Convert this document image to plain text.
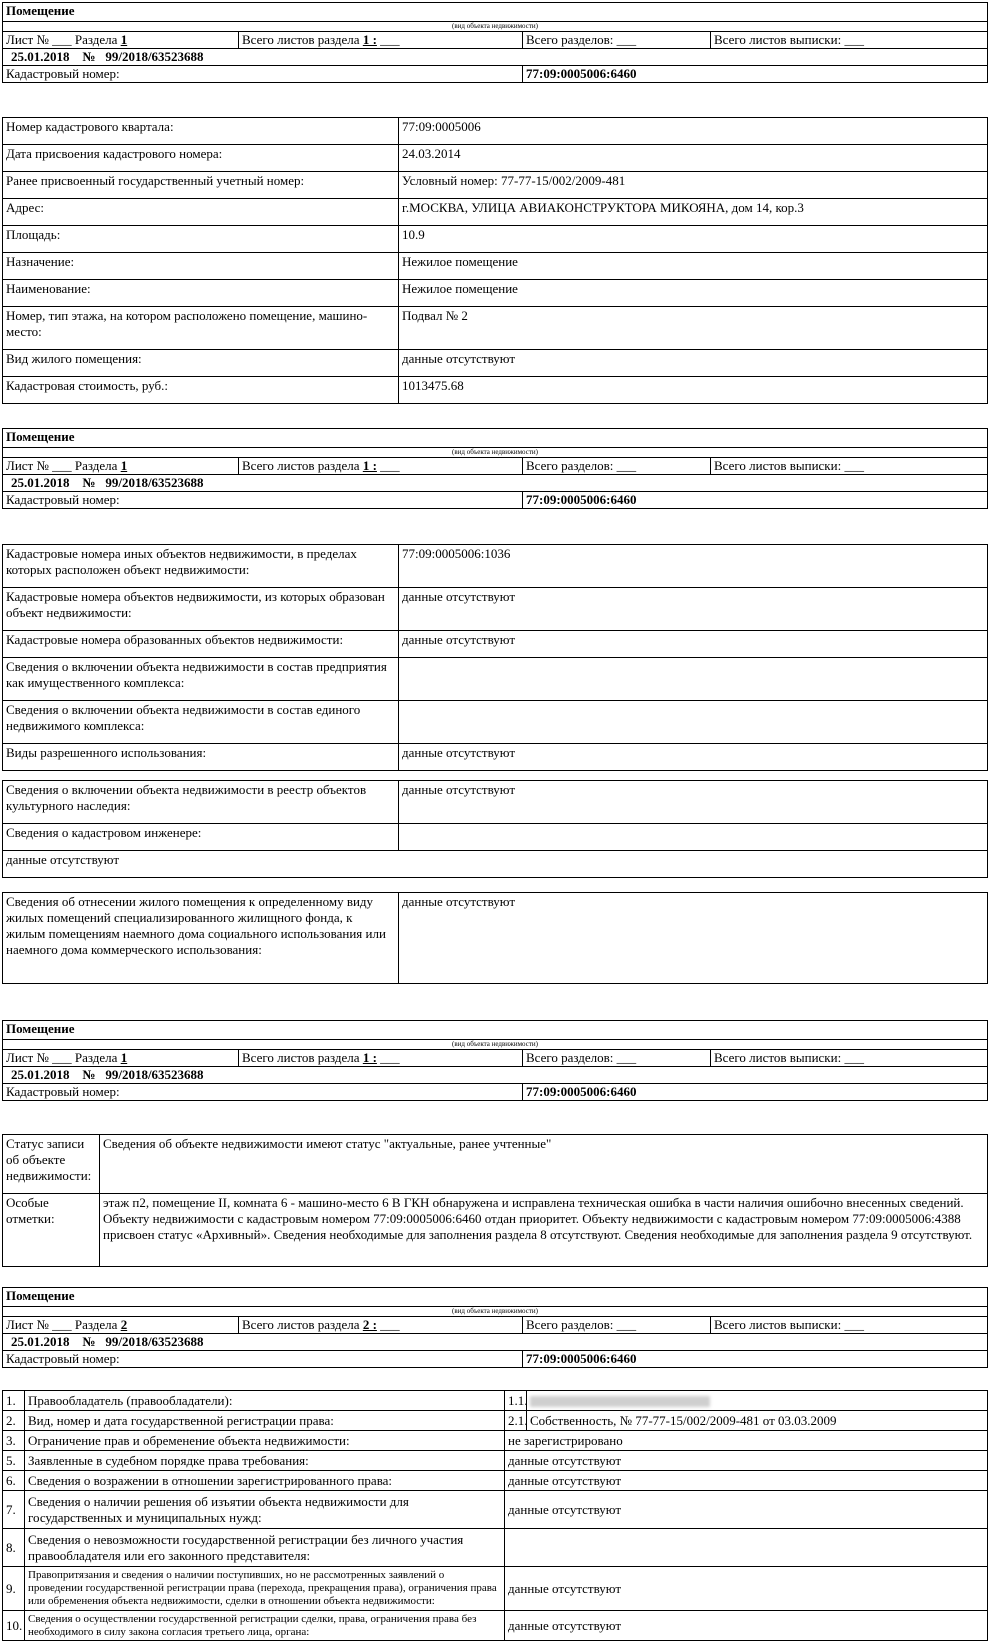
Помещение			
(вид объекта недвижимости)			
Лист № ___ Раздела 1	Всего листов раздела 1 : ___	Всего разделов: ___	Всего листов выписки: ___
25.01.2018 № 99/2018/63523688			
Кадастровый номер:		77:09:0005006:6460	
Номер кадастрового квартала:	77:09:0005006
Дата присвоения кадастрового номера:	24.03.2014
Ранее присвоенный государственный учетный номер:	Условный номер: 77-77-15/002/2009-481
Адрес:	г.МОСКВА, УЛИЦА АВИАКОНСТРУКТОРА МИКОЯНА, дом 14, кор.3
Площадь:	10.9
Назначение:	Нежилое помещение
Наименование:	Нежилое помещение
Номер, тип этажа, на котором расположено помещение, машино-место:	Подвал № 2
Вид жилого помещения:	данные отсутствуют
Кадастровая стоимость, руб.:	1013475.68
Помещение			
(вид объекта недвижимости)			
Лист № ___ Раздела 1	Всего листов раздела 1 : ___	Всего разделов: ___	Всего листов выписки: ___
25.01.2018 № 99/2018/63523688			
Кадастровый номер:		77:09:0005006:6460	
Кадастровые номера иных объектов недвижимости, в пределах которых расположен объект недвижимости:	77:09:0005006:1036
Кадастровые номера объектов недвижимости, из которых образован объект недвижимости:	данные отсутствуют
Кадастровые номера образованных объектов недвижимости:	данные отсутствуют
Сведения о включении объекта недвижимости в состав предприятия как имущественного комплекса:	
Сведения о включении объекта недвижимости в состав единого недвижимого комплекса:	
Виды разрешенного использования:	данные отсутствуют
Сведения о включении объекта недвижимости в реестр объектов культурного наследия:	данные отсутствуют
Сведения о кадастровом инженере:	
данные отсутствуют	
Сведения об отнесении жилого помещения к определенному виду жилых помещений специализированного жилищного фонда, к жилым помещениям наемного дома социального использования или наемного дома коммерческого использования:	данные отсутствуют
Помещение			
(вид объекта недвижимости)			
Лист № ___ Раздела 1	Всего листов раздела 1 : ___	Всего разделов: ___	Всего листов выписки: ___
25.01.2018 № 99/2018/63523688			
Кадастровый номер:		77:09:0005006:6460	
Статус записи об объекте недвижимости:	Сведения об объекте недвижимости имеют статус "актуальные, ранее учтенные"
Особые отметки:	этаж п2, помещение II, комната 6 - машино-место 6 В ГКН обнаружена и исправлена техническая ошибка в части наличия ошибочно внесенных сведений. Объекту недвижимости с кадастровым номером 77:09:0005006:6460 отдан приоритет. Объекту недвижимости с кадастровым номером 77:09:0005006:4388 присвоен статус «Архивный». Сведения необходимые для заполнения раздела 8 отсутствуют. Сведения необходимые для заполнения раздела 9 отсутствуют.
Помещение			
(вид объекта недвижимости)			
Лист № ___ Раздела 2	Всего листов раздела 2 : ___	Всего разделов: ___	Всего листов выписки: ___
25.01.2018 № 99/2018/63523688			
Кадастровый номер:		77:09:0005006:6460	
1.	Правообладатель (правообладатели):	1.1.	
2.	Вид, номер и дата государственной регистрации права:	2.1.	Собственность, № 77-77-15/002/2009-481 от 03.03.2009
3.	Ограничение прав и обременение объекта недвижимости:	не зарегистрировано	
5.	Заявленные в судебном порядке права требования:	данные отсутствуют	
6.	Сведения о возражении в отношении зарегистрированного права:	данные отсутствуют	
7.	Сведения о наличии решения об изъятии объекта недвижимости для государственных и муниципальных нужд:	данные отсутствуют	
8.	Сведения о невозможности государственной регистрации без личного участия правообладателя или его законного представителя:		
9.	Правопритязания и сведения о наличии поступивших, но не рассмотренных заявлений о проведении государственной регистрации права (перехода, прекращения права), ограничения права или обременения объекта недвижимости, сделки в отношении объекта недвижимости:	данные отсутствуют	
10.	Сведения о осуществлении государственной регистрации сделки, права, ограничения права без необходимого в силу закона согласия третьего лица, органа:	данные отсутствуют	
